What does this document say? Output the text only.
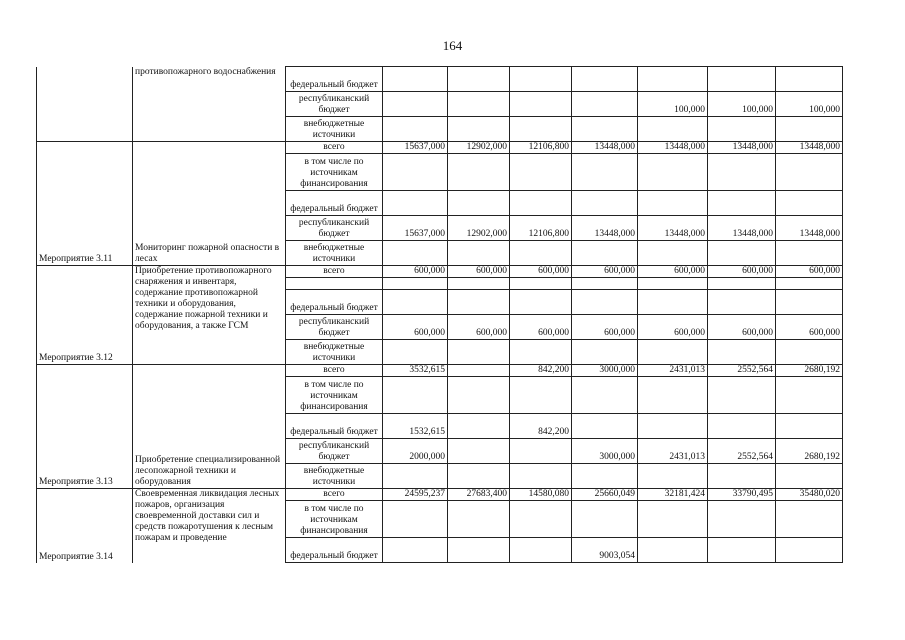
164
	противопожарного водоснабжения	федеральный бюджет							
		республиканский бюджет					100,000	100,000	100,000
		внебюджетные источники							
Мероприятие 3.11	Мониторинг пожарной опасности в лесах	всего	15637,000	12902,000	12106,800	13448,000	13448,000	13448,000	13448,000
		в том числе по источникам финансирования							
		федеральный бюджет							
		республиканский бюджет	15637,000	12902,000	12106,800	13448,000	13448,000	13448,000	13448,000
		внебюджетные источники							
Мероприятие 3.12	Приобретение противопожарного снаряжения и инвентаря, содержание противопожарной техники и оборудования, содержание пожарной техники и оборудования, а также ГСМ	всего	600,000	600,000	600,000	600,000	600,000	600,000	600,000

		федеральный бюджет							
		республиканский бюджет	600,000	600,000	600,000	600,000	600,000	600,000	600,000
		внебюджетные источники							
Мероприятие 3.13	Приобретение специализированной лесопожарной техники и оборудования	всего	3532,615		842,200	3000,000	2431,013	2552,564	2680,192
		в том числе по источникам финансирования							
		федеральный бюджет	1532,615		842,200				
		республиканский бюджет	2000,000			3000,000	2431,013	2552,564	2680,192
		внебюджетные источники							
Мероприятие 3.14	Своевременная ликвидация лесных пожаров, организация своевременной доставки сил и средств пожаротушения к лесным пожарам и проведение	всего	24595,237	27683,400	14580,080	25660,049	32181,424	33790,495	35480,020
		в том числе по источникам финансирования							
		федеральный бюджет				9003,054			
